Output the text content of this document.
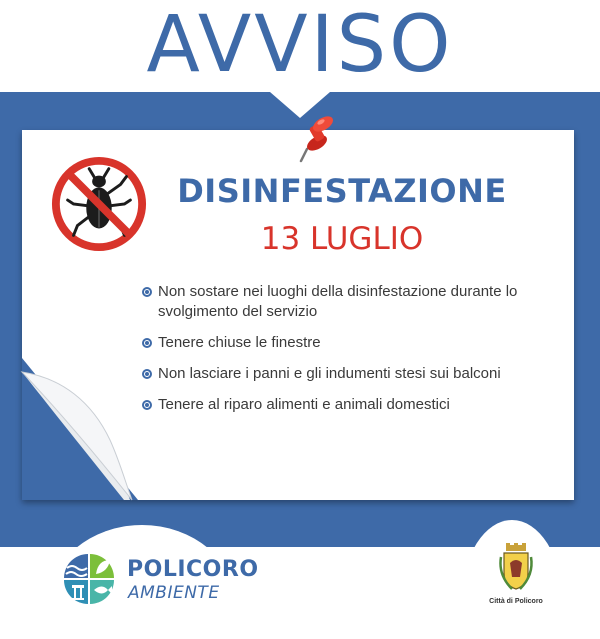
AVVISO
DISINFESTAZIONE
13 LUGLIO
Non sostare nei luoghi della disinfestazione durante lo svolgimento del servizio
Tenere chiuse le finestre
Non lasciare i panni e gli indumenti stesi sui balconi
Tenere al riparo alimenti e animali domestici
POLICORO
AMBIENTE	Città di Policoro
